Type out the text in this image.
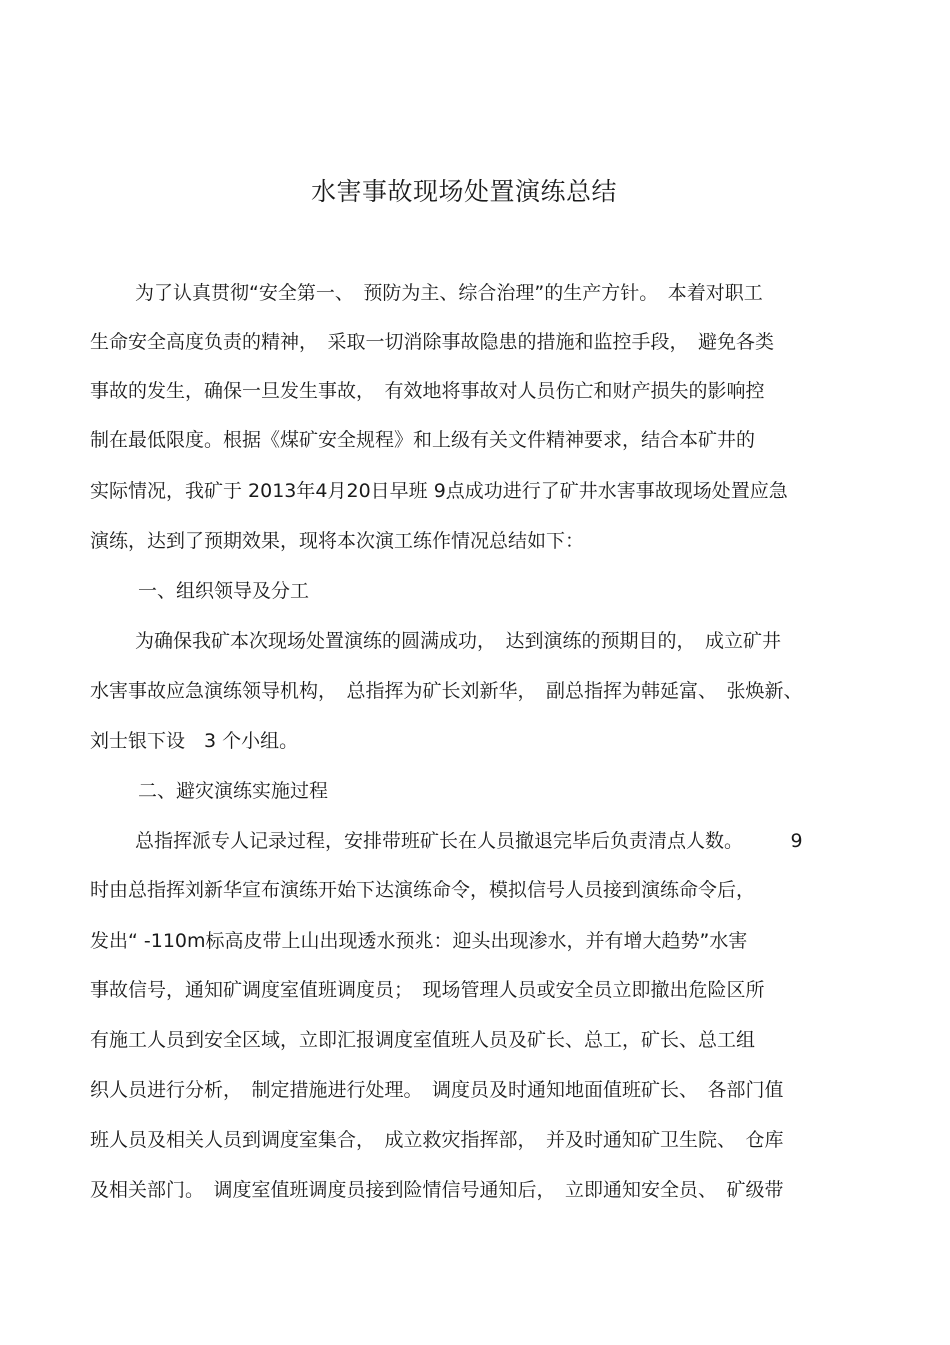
水害事故现场处置演练总结
为了认真贯彻“安全第一、　预防为主、综合治理”的生产方针。　本着对职工
生命安全高度负责的精神，　采取一切消除事故隐患的措施和监控手段，　避免各类
事故的发生，确保一旦发生事故，　有效地将事故对人员伤亡和财产损失的影响控
制在最低限度。根据《煤矿安全规程》和上级有关文件精神要求，结合本矿井的
实际情况，我矿于 2013年4月20日早班 9点成功进行了矿井水害事故现场处置应急
演练，达到了预期效果，现将本次演工练作情况总结如下：
一、组织领导及分工
为确保我矿本次现场处置演练的圆满成功，　达到演练的预期目的，　成立矿井
水害事故应急演练领导机构，　总指挥为矿长刘新华，　副总指挥为韩延富、　张焕新、
刘士银下设　3 个小组。
二、避灾演练实施过程
总指挥派专人记录过程，安排带班矿长在人员撤退完毕后负责清点人数。　　　9
时由总指挥刘新华宣布演练开始下达演练命令，模拟信号人员接到演练命令后，
发出“ -110m标高皮带上山出现透水预兆：迎头出现渗水，并有增大趋势”水害
事故信号，通知矿调度室值班调度员；　现场管理人员或安全员立即撤出危险区所
有施工人员到安全区域，立即汇报调度室值班人员及矿长、总工，矿长、总工组
织人员进行分析，　制定措施进行处理。　调度员及时通知地面值班矿长、　各部门值
班人员及相关人员到调度室集合，　成立救灾指挥部，　并及时通知矿卫生院、　仓库
及相关部门。　调度室值班调度员接到险情信号通知后，　立即通知安全员、　矿级带
